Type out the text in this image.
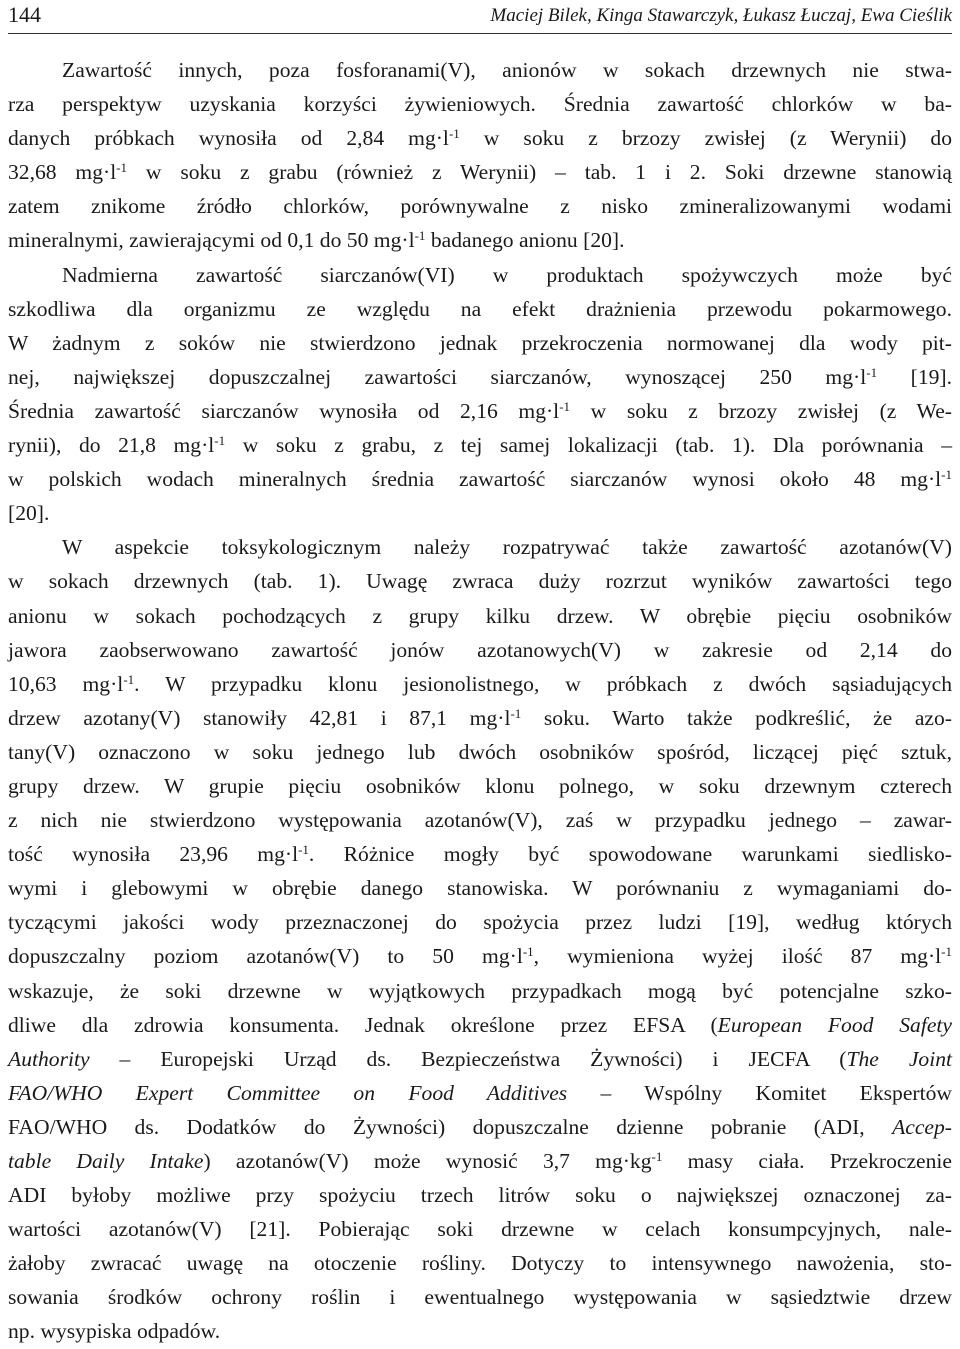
144	Maciej Bilek, Kinga Stawarczyk, Łukasz Łuczaj, Ewa Cieślik
Zawartość innych, poza fosforanami(V), anionów w sokach drzewnych nie stwa-
rza perspektyw uzyskania korzyści żywieniowych. Średnia zawartość chlorków w ba-
danych próbkach wynosiła od 2,84 $mg\cdot l^{-1}$ w soku z brzozy zwisłej (z Werynii) do
32,68 $mg\cdot l^{-1}$ w soku z grabu (również z Werynii) – tab. 1 i 2. Soki drzewne stanowią
zatem znikome źródło chlorków, porównywalne z nisko zmineralizowanymi wodami
mineralnymi, zawierającymi od 0,1 do 50 $mg\cdot l^{-1}$ badanego anionu [20].
Nadmierna zawartość siarczanów(VI) w produktach spożywczych może być
szkodliwa dla organizmu ze względu na efekt drażnienia przewodu pokarmowego.
W żadnym z soków nie stwierdzono jednak przekroczenia normowanej dla wody pit-
nej, największej dopuszczalnej zawartości siarczanów, wynoszącej 250 $mg\cdot l^{-1}$ [19].
Średnia zawartość siarczanów wynosiła od 2,16 $mg\cdot l^{-1}$ w soku z brzozy zwisłej (z We-
rynii), do 21,8 $mg\cdot l^{-1}$ w soku z grabu, z tej samej lokalizacji (tab. 1). Dla porównania –
w polskich wodach mineralnych średnia zawartość siarczanów wynosi około 48 $mg\cdot l^{-1}$
[20].
W aspekcie toksykologicznym należy rozpatrywać także zawartość azotanów(V)
w sokach drzewnych (tab. 1). Uwagę zwraca duży rozrzut wyników zawartości tego
anionu w sokach pochodzących z grupy kilku drzew. W obrębie pięciu osobników
jawora zaobserwowano zawartość jonów azotanowych(V) w zakresie od 2,14 do
10,63 $mg\cdot l^{-1}$. W przypadku klonu jesionolistnego, w próbkach z dwóch sąsiadujących
drzew azotany(V) stanowiły 42,81 i 87,1 $mg\cdot l^{-1}$ soku. Warto także podkreślić, że azo-
tany(V) oznaczono w soku jednego lub dwóch osobników spośród, liczącej pięć sztuk,
grupy drzew. W grupie pięciu osobników klonu polnego, w soku drzewnym czterech
z nich nie stwierdzono występowania azotanów(V), zaś w przypadku jednego – zawar-
tość wynosiła 23,96 $mg\cdot l^{-1}$. Różnice mogły być spowodowane warunkami siedlisko-
wymi i glebowymi w obrębie danego stanowiska. W porównaniu z wymaganiami do-
tyczącymi jakości wody przeznaczonej do spożycia przez ludzi [19], według których
dopuszczalny poziom azotanów(V) to 50 $mg\cdot l^{-1}$, wymieniona wyżej ilość 87 $mg\cdot l^{-1}$
wskazuje, że soki drzewne w wyjątkowych przypadkach mogą być potencjalne szko-
dliwe dla zdrowia konsumenta. Jednak określone przez EFSA (European Food Safety
Authority – Europejski Urząd ds. Bezpieczeństwa Żywności) i JECFA (The Joint
FAO/WHO Expert Committee on Food Additives – Wspólny Komitet Ekspertów
FAO/WHO ds. Dodatków do Żywności) dopuszczalne dzienne pobranie (ADI, Accep-
table Daily Intake) azotanów(V) może wynosić 3,7 $mg\cdot kg^{-1}$ masy ciała. Przekroczenie
ADI byłoby możliwe przy spożyciu trzech litrów soku o największej oznaczonej za-
wartości azotanów(V) [21]. Pobierając soki drzewne w celach konsumpcyjnych, nale-
żałoby zwracać uwagę na otoczenie rośliny. Dotyczy to intensywnego nawożenia, sto-
sowania środków ochrony roślin i ewentualnego występowania w sąsiedztwie drzew
np. wysypiska odpadów.
